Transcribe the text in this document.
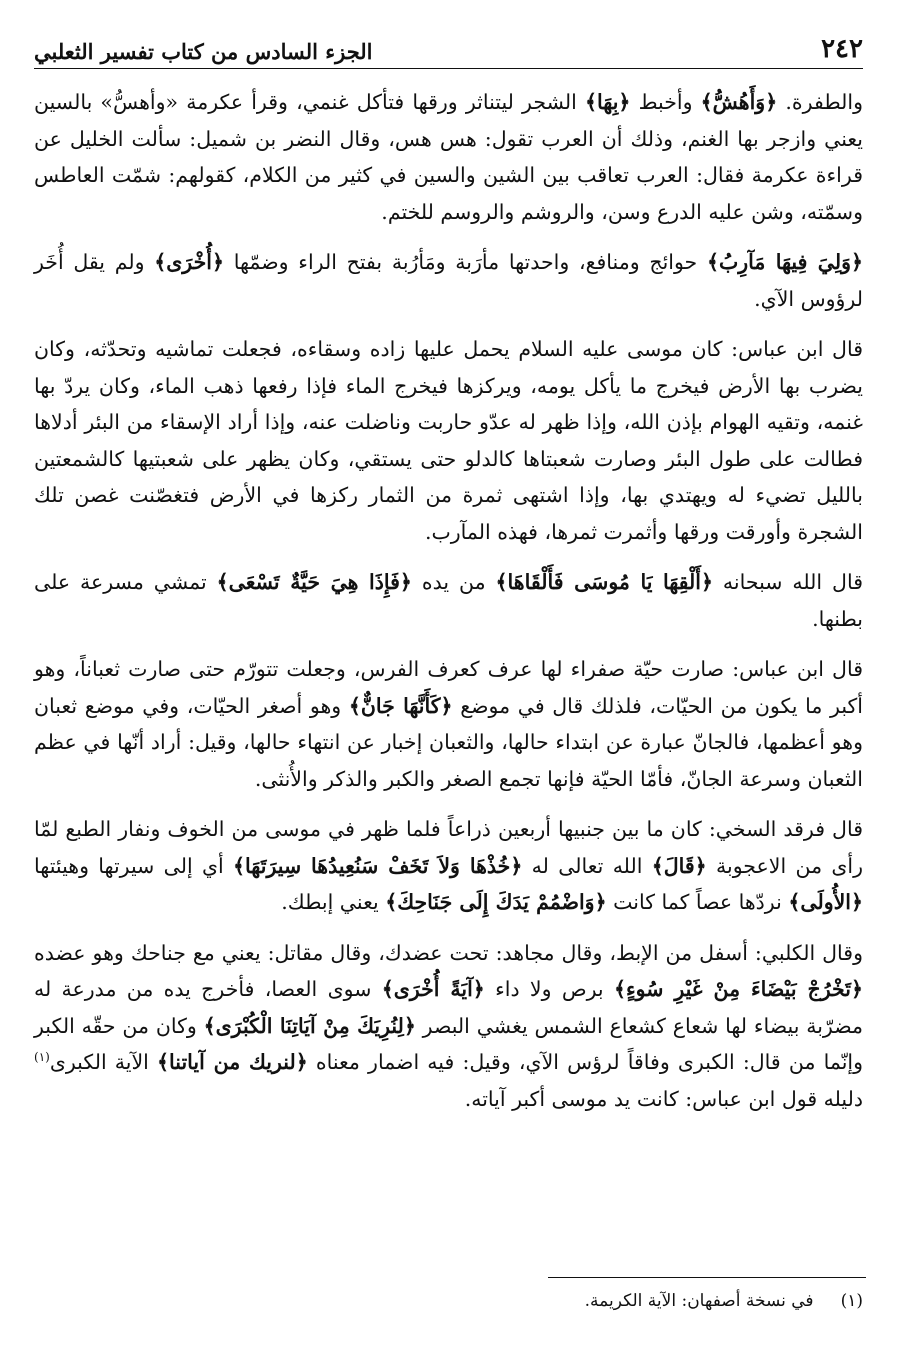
٢٤٢
الجزء السادس من كتاب تفسير الثعلبي

والطفرة. ﴿وَأَهُشُّ﴾ وأخبط ﴿بِهَا﴾ الشجر ليتناثر ورقها فتأكل غنمي، وقرأ عكرمة «وأهسُّ» بالسين يعني وازجر بها الغنم، وذلك أن العرب تقول: هس هس، وقال النضر بن شميل: سألت الخليل عن قراءة عكرمة فقال: العرب تعاقب بين الشين والسين في كثير من الكلام، كقولهم: شمّت العاطس وسمّته، وشن عليه الدرع وسن، والروشم والروسم للختم.

﴿وَلِيَ فِيهَا مَآرِبُ﴾ حوائج ومنافع، واحدتها مأرَبة ومَأرُبة بفتح الراء وضمّها ﴿أُخْرَى﴾ ولم يقل أُخَر لرؤوس الآي.

قال ابن عباس: كان موسى عليه السلام يحمل عليها زاده وسقاءه، فجعلت تماشيه وتحدّثه، وكان يضرب بها الأرض فيخرج ما يأكل يومه، ويركزها فيخرج الماء فإذا رفعها ذهب الماء، وكان يردّ بها غنمه، وتقيه الهوام بإذن الله، وإذا ظهر له عدّو حاربت وناضلت عنه، وإذا أراد الإسقاء من البئر أدلاها فطالت على طول البئر وصارت شعبتاها كالدلو حتى يستقي، وكان يظهر على شعبتيها كالشمعتين بالليل تضيء له ويهتدي بها، وإذا اشتهى ثمرة من الثمار ركزها في الأرض فتغصّنت غصن تلك الشجرة وأورقت ورقها وأثمرت ثمرها، فهذه المآرب.

قال الله سبحانه ﴿أَلْقِهَا يَا مُوسَى فَأَلْقَاهَا﴾ من يده ﴿فَإِذَا هِيَ حَيَّةٌ تَسْعَى﴾ تمشي مسرعة على بطنها.

قال ابن عباس: صارت حيّة صفراء لها عرف كعرف الفرس، وجعلت تتورّم حتى صارت ثعباناً، وهو أكبر ما يكون من الحيّات، فلذلك قال في موضع ﴿كَأَنَّهَا جَانٌّ﴾ وهو أصغر الحيّات، وفي موضع ثعبان وهو أعظمها، فالجانّ عبارة عن ابتداء حالها، والثعبان إخبار عن انتهاء حالها، وقيل: أراد أنّها في عظم الثعبان وسرعة الجانّ، فأمّا الحيّة فإنها تجمع الصغر والكبر والذكر والأُنثى.

قال فرقد السخي: كان ما بين جنبيها أربعين ذراعاً فلما ظهر في موسى من الخوف ونفار الطبع لمّا رأى من الاعجوبة ﴿قَالَ﴾ الله تعالى له ﴿خُذْهَا وَلاَ تَخَفْ سَنُعِيدُهَا سِيرَتَهَا﴾ أي إلى سيرتها وهيئتها ﴿الأُولَى﴾ نردّها عصاً كما كانت ﴿وَاضْمُمْ يَدَكَ إِلَى جَنَاحِكَ﴾ يعني إبطك.

وقال الكلبي: أسفل من الإبط، وقال مجاهد: تحت عضدك، وقال مقاتل: يعني مع جناحك وهو عضده ﴿تَخْرُجْ بَيْضَاءَ مِنْ غَيْرِ سُوءٍ﴾ برص ولا داء ﴿آيَةً أُخْرَى﴾ سوى العصا، فأخرج يده من مدرعة له مضرّبة بيضاء لها شعاع كشعاع الشمس يغشي البصر ﴿لِنُرِيَكَ مِنْ آيَاتِنَا الْكُبْرَى﴾ وكان من حقّه الكبر وإنّما من قال: الكبرى وفاقاً لرؤس الآي، وقيل: فيه اضمار معناه ﴿لنريك من آياتنا﴾ الآية الكبرى$^{(١)}$ دليله قول ابن عباس: كانت يد موسى أكبر آياته.

(١)     في نسخة أصفهان: الآية الكريمة.
